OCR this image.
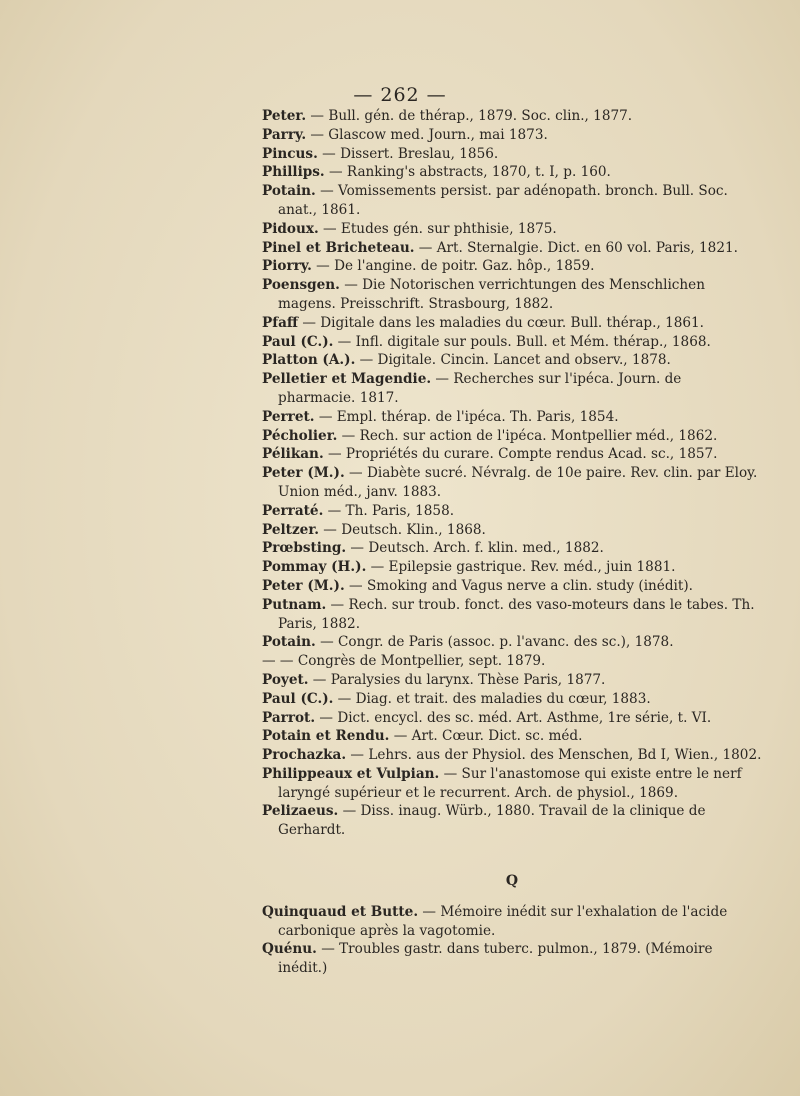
— 262 —

Peter. — Bull. gén. de thérap., 1879. Soc. clin., 1877.

Parry. — Glascow med. Journ., mai 1873.

Pincus. — Dissert. Breslau, 1856.

Phillips. — Ranking's abstracts, 1870, t. I, p. 160.

Potain. — Vomissements persist. par adénopath. bronch. Bull. Soc. anat., 1861.

Pidoux. — Etudes gén. sur phthisie, 1875.

Pinel et Bricheteau. — Art. Sternalgie. Dict. en 60 vol. Paris, 1821.

Piorry. — De l'angine. de poitr. Gaz. hôp., 1859.

Poensgen. — Die Notorischen verrichtungen des Menschlichen magens. Preisschrift. Strasbourg, 1882.

Pfaff — Digitale dans les maladies du cœur. Bull. thérap., 1861.

Paul (C.). — Infl. digitale sur pouls. Bull. et Mém. thérap., 1868.

Platton (A.). — Digitale. Cincin. Lancet and observ., 1878.

Pelletier et Magendie. — Recherches sur l'ipéca. Journ. de pharmacie. 1817.

Perret. — Empl. thérap. de l'ipéca. Th. Paris, 1854.

Pécholier. — Rech. sur action de l'ipéca. Montpellier méd., 1862.

Pélikan. — Propriétés du curare. Compte rendus Acad. sc., 1857.

Peter (M.). — Diabète sucré. Névralg. de 10e paire. Rev. clin. par Eloy. Union méd., janv. 1883.

Perraté. — Th. Paris, 1858.

Peltzer. — Deutsch. Klin., 1868.

Prœbsting. — Deutsch. Arch. f. klin. med., 1882.

Pommay (H.). — Epilepsie gastrique. Rev. méd., juin 1881.

Peter (M.). — Smoking and Vagus nerve a clin. study (inédit).

Putnam. — Rech. sur troub. fonct. des vaso-moteurs dans le tabes. Th. Paris, 1882.

Potain. — Congr. de Paris (assoc. p. l'avanc. des sc.), 1878.

— — Congrès de Montpellier, sept. 1879.

Poyet. — Paralysies du larynx. Thèse Paris, 1877.

Paul (C.). — Diag. et trait. des maladies du cœur, 1883.

Parrot. — Dict. encycl. des sc. méd. Art. Asthme, 1re série, t. VI.

Potain et Rendu. — Art. Cœur. Dict. sc. méd.

Prochazka. — Lehrs. aus der Physiol. des Menschen, Bd I, Wien., 1802.

Philippeaux et Vulpian. — Sur l'anastomose qui existe entre le nerf laryngé supérieur et le recurrent. Arch. de physiol., 1869.

Pelizaeus. — Diss. inaug. Würb., 1880. Travail de la clinique de Gerhardt.

Q

Quinquaud et Butte. — Mémoire inédit sur l'exhalation de l'acide carbonique après la vagotomie.

Quénu. — Troubles gastr. dans tuberc. pulmon., 1879. (Mémoire inédit.)
